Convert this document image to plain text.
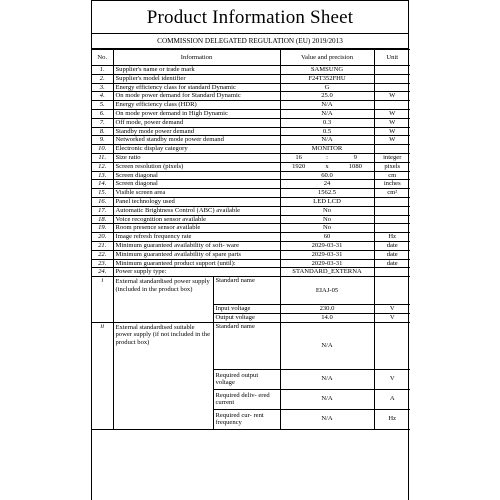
Product Information Sheet
COMMISSION DELEGATED REGULATION (EU) 2019/2013
No.	Information		Value and precision	Unit
1.	Supplier's name or trade mark		SAMSUNG	
2.	Supplier's model identifier		F24T352FHU	
3.	Energy efficiency class for standard Dynamic		G	
4.	On mode power demand for Standard Dynamic		25.0	W
5.	Energy efficiency class (HDR)		N/A	
6.	On mode power demand in High Dynamic		N/A	W
7.	Off mode, power demand		0.3	W
8.	Standby mode power demand		0.5	W
9.	Networked standby mode power demand		N/A	W
10.	Electronic display category		MONITOR	
11.	Size ratio		16 : 9	integer
12.	Screen resolution (pixels)		1920 x 1080	pixels
13.	Screen diagonal		60.0	cm
14.	Screen diagonal		24	inches
15.	Visible screen area		1562.5	cm²
16.	Panel technology used		LED LCD	
17.	Automatic Brightness Control (ABC) available		No	
18.	Voice recognition sensor available		No	
19.	Room presence sensor available		No	
20.	Image refresh frequency rate		60	Hz
21.	Minimum guaranteed availability of soft- ware		2029-03-31	date
22.	Minimum guaranteed availability of spare parts		2029-03-31	date
23.	Minimum guaranteed product support (until):		2029-03-31	date
24.	Power supply type:		STANDARD_EXTERNA	
i	External standardised power supply (included in the product box)	Standard name	EIAJ-05	
		Input voltage	230.0	V
		Output voltage	14.0	V
ii	External standardised suitable power supply (if not included in the product box)	Standard name	N/A	
		Required output voltage	N/A	V
		Required deliv- ered current	N/A	A
		Required cur- rent frequency	N/A	Hz
